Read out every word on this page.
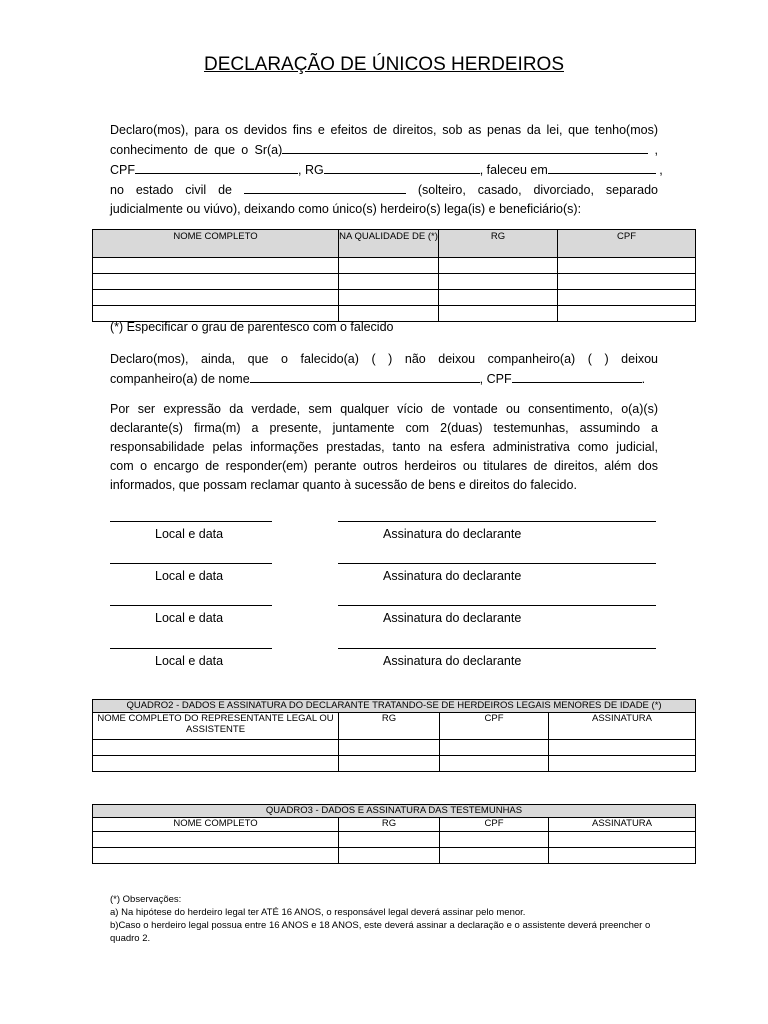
DECLARAÇÃO DE ÚNICOS HERDEIROS
Declaro(mos), para os devidos fins e efeitos de direitos, sob as penas da lei, que tenho(mos)
conhecimento de que o Sr(a)	,
CPF	, RG	, faleceu em	,
no estado civil de	(solteiro, casado, divorciado, separado
judicialmente ou viúvo), deixando como único(s) herdeiro(s) lega(is) e beneficiário(s):
NOME COMPLETO	NA QUALIDADE DE (*)	RG	CPF

(*) Especificar o grau de parentesco com o falecido
Declaro(mos), ainda, que o falecido(a) ( ) não deixou companheiro(a) ( ) deixou
companheiro(a) de nome	, CPF	.
Por ser expressão da verdade, sem qualquer vício de vontade ou consentimento, o(a)(s)
declarante(s) firma(m) a presente, juntamente com 2(duas) testemunhas, assumindo a
responsabilidade pelas informações prestadas, tanto na esfera administrativa como judicial,
com o encargo de responder(em) perante outros herdeiros ou titulares de direitos, além dos
informados, que possam reclamar quanto à sucessão de bens e direitos do falecido.
Local e data	Assinatura do declarante
Local e data	Assinatura do declarante
Local e data	Assinatura do declarante
Local e data	Assinatura do declarante
QUADRO2 - DADOS E ASSINATURA DO DECLARANTE TRATANDO-SE DE HERDEIROS LEGAIS MENORES DE IDADE (*)			
NOME COMPLETO DO REPRESENTANTE LEGAL OU ASSISTENTE	RG	CPF	ASSINATURA

QUADRO3 - DADOS E ASSINATURA DAS TESTEMUNHAS			
NOME COMPLETO	RG	CPF	ASSINATURA

(*) Observações:
a) Na hipótese do herdeiro legal ter ATÉ 16 ANOS, o responsável legal deverá assinar pelo menor.
b)Caso o herdeiro legal possua entre 16 ANOS e 18 ANOS, este deverá assinar a declaração e o assistente deverá preencher o quadro 2.
